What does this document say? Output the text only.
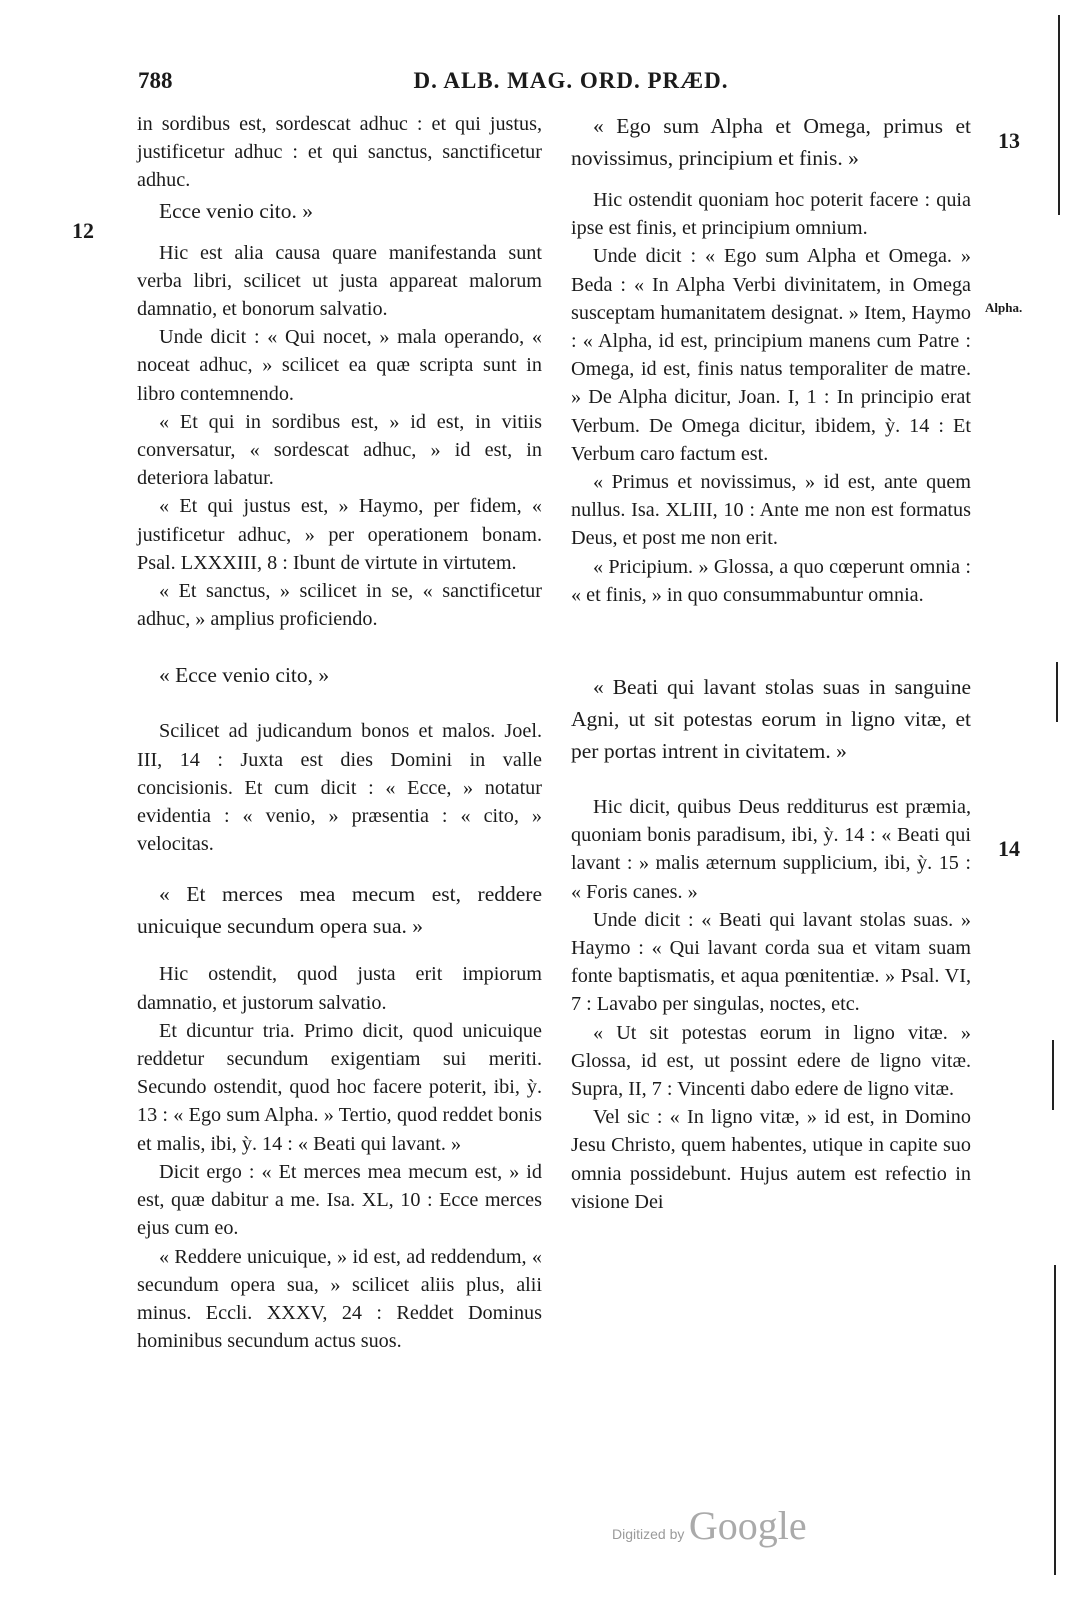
788	D. ALB. MAG. ORD. PRÆD.
12
13
Alpha.
14

in sordibus est, sordescat adhuc : et qui justus, justificetur adhuc : et qui sanctus, sanctificetur adhuc.

Ecce venio cito. »

Hic est alia causa quare manifestanda sunt verba libri, scilicet ut justa appareat malorum damnatio, et bonorum salvatio.

Unde dicit : « Qui nocet, » mala operando, « noceat adhuc, » scilicet ea quæ scripta sunt in libro contemnendo.

« Et qui in sordibus est, » id est, in vitiis conversatur, « sordescat adhuc, » id est, in deteriora labatur.

« Et qui justus est, » Haymo, per fidem, « justificetur adhuc, » per operationem bonam. Psal. LXXXIII, 8 : Ibunt de virtute in virtutem.

« Et sanctus, » scilicet in se, « sanctificetur adhuc, » amplius proficiendo.

« Ecce venio cito, »

Scilicet ad judicandum bonos et malos. Joel. III, 14 : Juxta est dies Domini in valle concisionis. Et cum dicit : « Ecce, » notatur evidentia : « venio, » præsentia : « cito, » velocitas.

« Et merces mea mecum est, reddere unicuique secundum opera sua. »

Hic ostendit, quod justa erit impiorum damnatio, et justorum salvatio.

Et dicuntur tria. Primo dicit, quod unicuique reddetur secundum exigentiam sui meriti. Secundo ostendit, quod hoc facere poterit, ibi, ỳ. 13 : « Ego sum Alpha. » Tertio, quod reddet bonis et malis, ibi, ỳ. 14 : « Beati qui lavant. »

Dicit ergo : « Et merces mea mecum est, » id est, quæ dabitur a me. Isa. XL, 10 : Ecce merces ejus cum eo.

« Reddere unicuique, » id est, ad reddendum, « secundum opera sua, » scilicet aliis plus, alii minus. Eccli. XXXV, 24 : Reddet Dominus hominibus secundum actus suos.

« Ego sum Alpha et Omega, primus et novissimus, principium et finis. »

Hic ostendit quoniam hoc poterit facere : quia ipse est finis, et principium omnium.

Unde dicit : « Ego sum Alpha et Omega. » Beda : « In Alpha Verbi divinitatem, in Omega susceptam humanitatem designat. » Item, Haymo : « Alpha, id est, principium manens cum Patre : Omega, id est, finis natus temporaliter de matre. » De Alpha dicitur, Joan. I, 1 : In principio erat Verbum. De Omega dicitur, ibidem, ỳ. 14 : Et Verbum caro factum est.

« Primus et novissimus, » id est, ante quem nullus. Isa. XLIII, 10 : Ante me non est formatus Deus, et post me non erit.

« Pricipium. » Glossa, a quo cœperunt omnia : « et finis, » in quo consummabuntur omnia.

« Beati qui lavant stolas suas in sanguine Agni, ut sit potestas eorum in ligno vitæ, et per portas intrent in civitatem. »

Hic dicit, quibus Deus redditurus est præmia, quoniam bonis paradisum, ibi, ỳ. 14 : « Beati qui lavant : » malis æternum supplicium, ibi, ỳ. 15 : « Foris canes. »

Unde dicit : « Beati qui lavant stolas suas. » Haymo : « Qui lavant corda sua et vitam suam fonte baptismatis, et aqua pœnitentiæ. » Psal. VI, 7 : Lavabo per singulas, noctes, etc.

« Ut sit potestas eorum in ligno vitæ. » Glossa, id est, ut possint edere de ligno vitæ. Supra, II, 7 : Vincenti dabo edere de ligno vitæ.

Vel sic : « In ligno vitæ, » id est, in Domino Jesu Christo, quem habentes, utique in capite suo omnia possidebunt. Hujus autem est refectio in visione Dei

Digitized by Google
